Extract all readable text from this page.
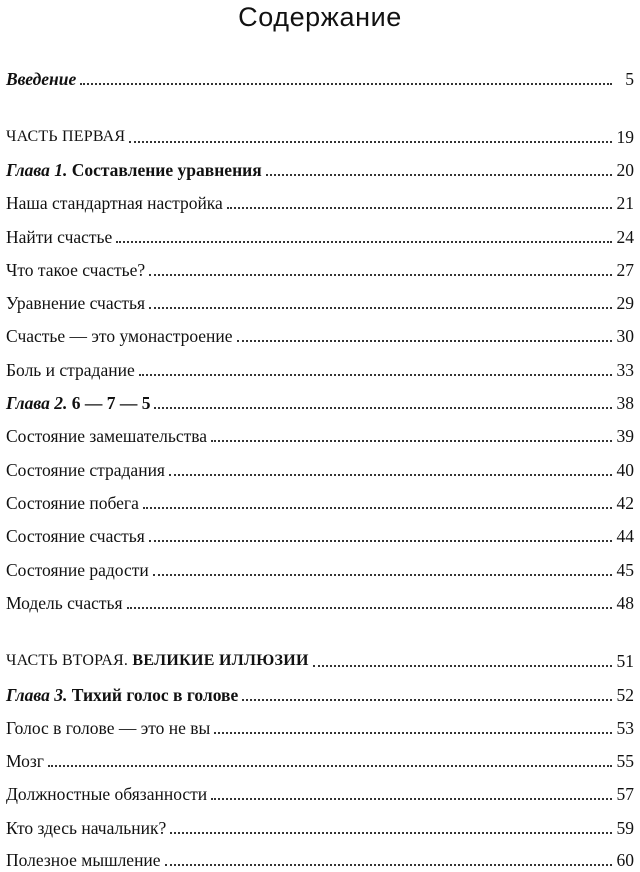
Содержание
Введение	5
ЧАСТЬ ПЕРВАЯ	19
Глава 1. Составление уравнения	20
Наша стандартная настройка	21
Найти счастье	24
Что такое счастье?	27
Уравнение счастья	29
Счастье — это умонастроение	30
Боль и страдание	33
Глава 2. 6 — 7 — 5	38
Состояние замешательства	39
Состояние страдания	40
Состояние побега	42
Состояние счастья	44
Состояние радости	45
Модель счастья	48
ЧАСТЬ ВТОРАЯ. ВЕЛИКИЕ ИЛЛЮЗИИ	51
Глава 3. Тихий голос в голове	52
Голос в голове — это не вы	53
Мозг	55
Должностные обязанности	57
Кто здесь начальник?	59
Полезное мышление	60
